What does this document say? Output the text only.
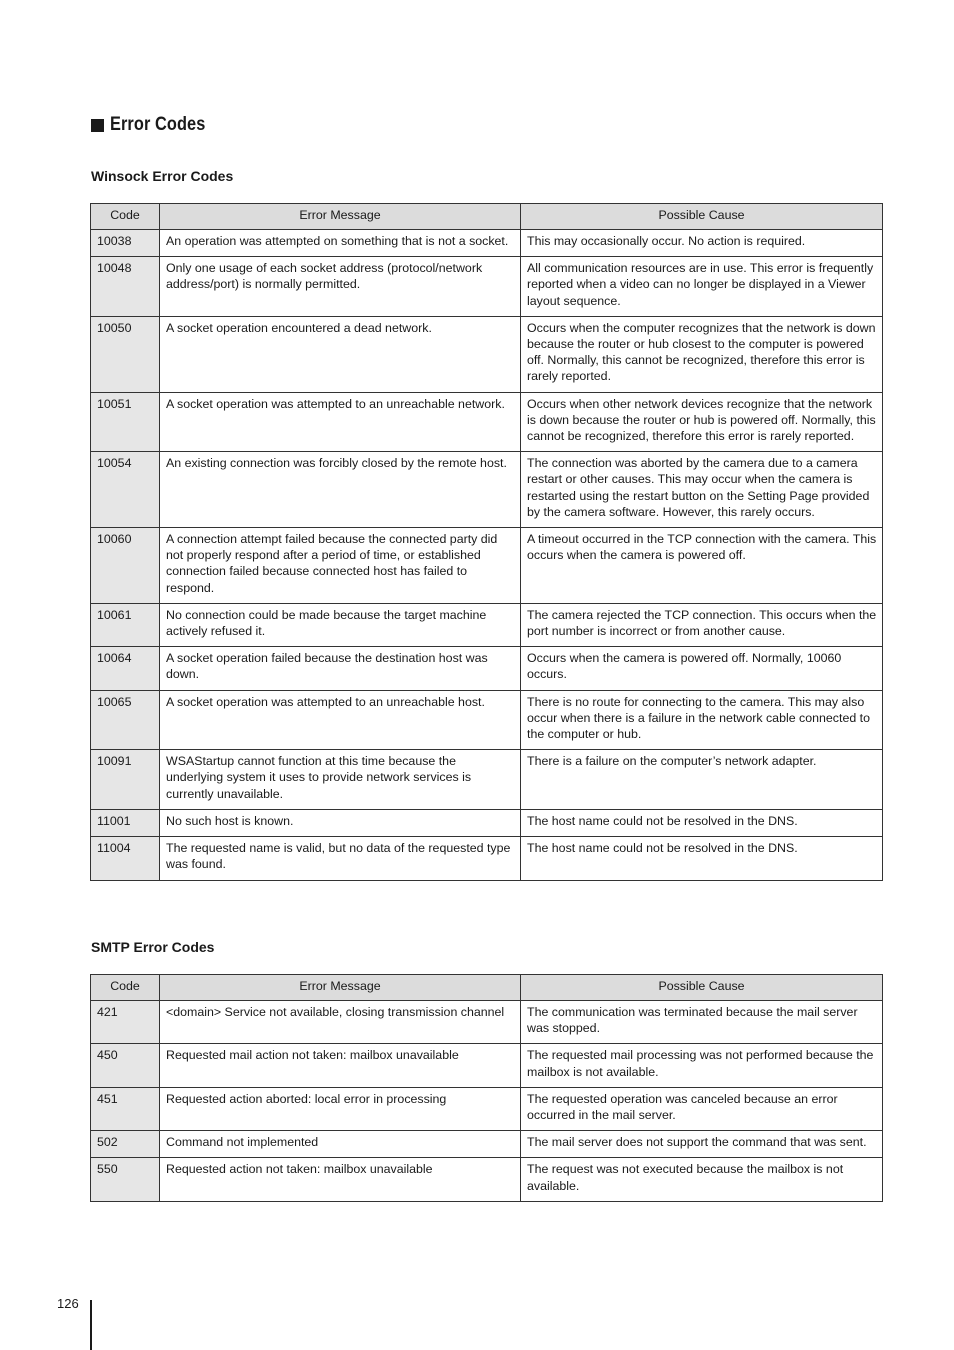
Error Codes
Winsock Error Codes
Code	Error Message	Possible Cause
10038	An operation was attempted on something that is not a socket.	This may occasionally occur. No action is required.
10048	Only one usage of each socket address (protocol/network address/port) is normally permitted.	All communication resources are in use. This error is frequently reported when a video can no longer be displayed in a Viewer layout sequence.
10050	A socket operation encountered a dead network.	Occurs when the computer recognizes that the network is down because the router or hub closest to the computer is powered off. Normally, this cannot be recognized, therefore this error is rarely reported.
10051	A socket operation was attempted to an unreachable network.	Occurs when other network devices recognize that the network is down because the router or hub is powered off. Normally, this cannot be recognized, therefore this error is rarely reported.
10054	An existing connection was forcibly closed by the remote host.	The connection was aborted by the camera due to a camera restart or other causes. This may occur when the camera is restarted using the restart button on the Setting Page provided by the camera software. However, this rarely occurs.
10060	A connection attempt failed because the connected party did not properly respond after a period of time, or established connection failed because connected host has failed to respond.	A timeout occurred in the TCP connection with the camera. This occurs when the camera is powered off.
10061	No connection could be made because the target machine actively refused it.	The camera rejected the TCP connection. This occurs when the port number is incorrect or from another cause.
10064	A socket operation failed because the destination host was down.	Occurs when the camera is powered off. Normally, 10060 occurs.
10065	A socket operation was attempted to an unreachable host.	There is no route for connecting to the camera. This may also occur when there is a failure in the network cable connected to the computer or hub.
10091	WSAStartup cannot function at this time because the underlying system it uses to provide network services is currently unavailable.	There is a failure on the computer’s network adapter.
11001	No such host is known.	The host name could not be resolved in the DNS.
11004	The requested name is valid, but no data of the requested type was found.	The host name could not be resolved in the DNS.
SMTP Error Codes
Code	Error Message	Possible Cause
421	<domain> Service not available, closing transmission channel	The communication was terminated because the mail server was stopped.
450	Requested mail action not taken: mailbox unavailable	The requested mail processing was not performed because the mailbox is not available.
451	Requested action aborted: local error in processing	The requested operation was canceled because an error occurred in the mail server.
502	Command not implemented	The mail server does not support the command that was sent.
550	Requested action not taken: mailbox unavailable	The request was not executed because the mailbox is not available.
126
